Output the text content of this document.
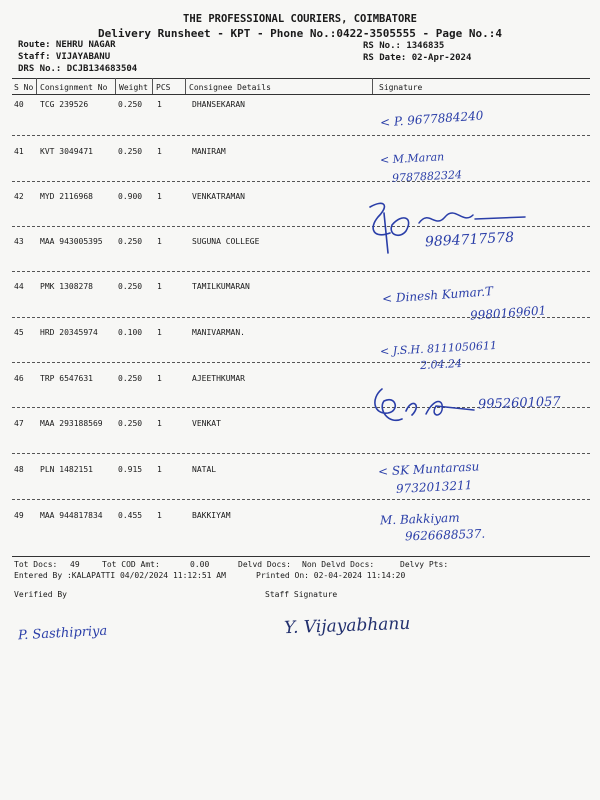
THE PROFESSIONAL COURIERS, COIMBATORE
Delivery Runsheet - KPT - Phone No.:0422-3505555 - Page No.:4
Route: NEHRU NAGAR
Staff: VIJAYABANU
DRS No.: DCJB134683504
RS No.: 1346835
RS Date: 02-Apr-2024
S No Consignment No Weight PCS Consignee Details	Signature
40 TCG 239526	0.250 1	DHANSEKARAN
41 KVT 3049471	0.250 1	MANIRAM
42 MYD 2116968	0.900 1	VENKATRAMAN
43 MAA 943005395 0.250 1	SUGUNA COLLEGE
44 PMK 1308278	0.250 1	TAMILKUMARAN
45 HRD 20345974	0.100 1	MANIVARMAN.
46 TRP 6547631	0.250 1	AJEETHKUMAR
47 MAA 293188569 0.250 1	VENKAT
48 PLN 1482151	0.915 1	NATAL
49 MAA 944817834 0.455 1	BAKKIYAM
Tot Docs: 49	Tot COD Amt:	0.00	Delvd Docs: Non Delvd Docs:	Delvy Pts:
Entered By :KALAPATTI 04/02/2024 11:12:51 AM	Printed On: 02-04-2024 11:14:20
Verified By	Staff Signature
P. Sasthipriya	Y. Vijayabhanu
< P. 9677884240
< M.Maran
9787882324
9894717578
< Dinesh Kumar.T
9980169601
< J.S.H. 8111050611
2.04.24
9952601057
< SK Muntarasu
9732013211
M. Bakkiyam
9626688537.
